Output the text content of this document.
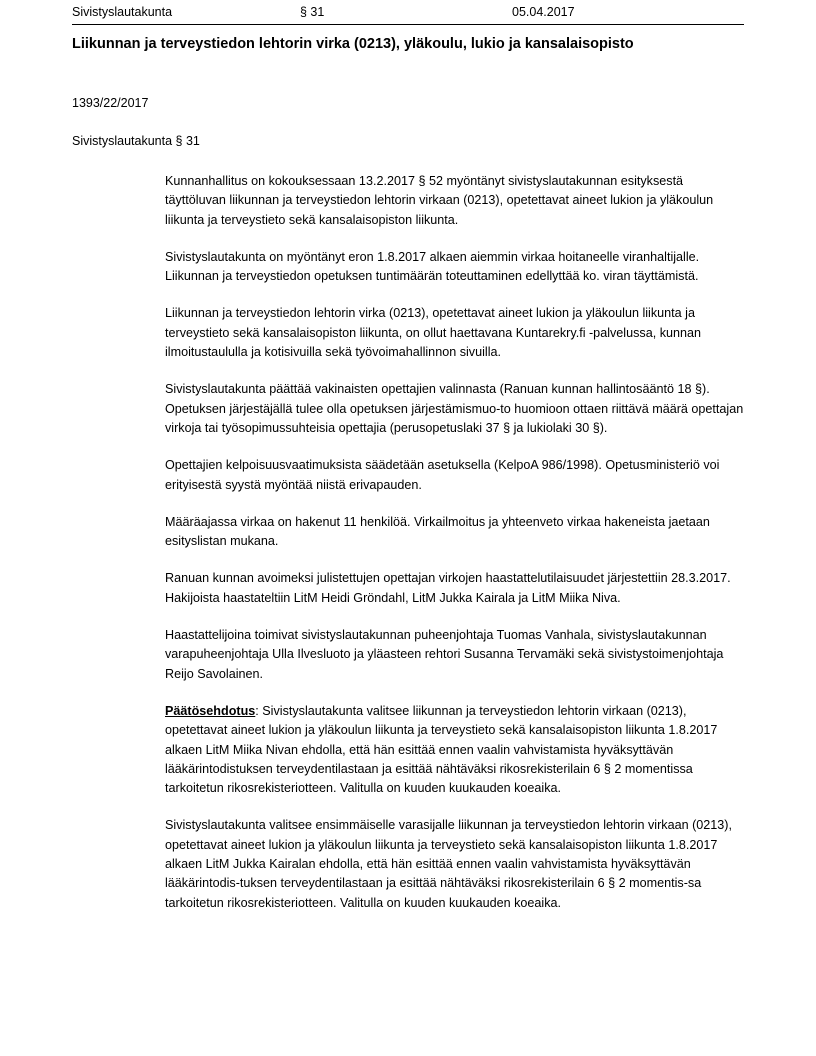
Sivistyslautakunta	§ 31	05.04.2017
Liikunnan ja terveystiedon lehtorin virka (0213), yläkoulu, lukio ja kansalaisopisto
1393/22/2017
Sivistyslautakunta § 31

Kunnanhallitus on kokouksessaan 13.2.2017 § 52 myöntänyt sivistyslautakunnan esityksestä täyttöluvan liikunnan ja terveystiedon lehtorin virkaan (0213), opetettavat aineet lukion ja yläkoulun liikunta ja terveystieto sekä kansalaisopiston liikunta.

Sivistyslautakunta on myöntänyt eron 1.8.2017 alkaen aiemmin virkaa hoitaneelle viranhaltijalle. Liikunnan ja terveystiedon opetuksen tuntimäärän toteuttaminen edellyttää ko. viran täyttämistä.

Liikunnan ja terveystiedon lehtorin virka (0213), opetettavat aineet lukion ja yläkoulun liikunta ja terveystieto sekä kansalaisopiston liikunta, on ollut haettavana Kuntarekry.fi -palvelussa, kunnan ilmoitustaululla ja kotisivuilla sekä työvoimahallinnon sivuilla.

Sivistyslautakunta päättää vakinaisten opettajien valinnasta (Ranuan kunnan hallintosääntö 18 §). Opetuksen järjestäjällä tulee olla opetuksen järjestämismuo-to huomioon ottaen riittävä määrä opettajan virkoja tai työsopimussuhteisia opettajia (perusopetuslaki 37 § ja lukiolaki 30 §).

Opettajien kelpoisuusvaatimuksista säädetään asetuksella (KelpoA 986/1998). Opetusministeriö voi erityisestä syystä myöntää niistä erivapauden.

Määräajassa virkaa on hakenut 11 henkilöä. Virkailmoitus ja yhteenveto virkaa hakeneista jaetaan esityslistan mukana.

Ranuan kunnan avoimeksi julistettujen opettajan virkojen haastattelutilaisuudet järjestettiin 28.3.2017. Hakijoista haastateltiin LitM Heidi Gröndahl, LitM Jukka Kairala ja LitM Miika Niva.

Haastattelijoina toimivat sivistyslautakunnan puheenjohtaja Tuomas Vanhala, sivistyslautakunnan varapuheenjohtaja Ulla Ilvesluoto ja yläasteen rehtori Susanna Tervamäki sekä sivistystoimenjohtaja Reijo Savolainen.

Päätösehdotus: Sivistyslautakunta valitsee liikunnan ja terveystiedon lehtorin virkaan (0213), opetettavat aineet lukion ja yläkoulun liikunta ja terveystieto sekä kansalaisopiston liikunta 1.8.2017 alkaen LitM Miika Nivan ehdolla, että hän esittää ennen vaalin vahvistamista hyväksyttävän lääkärintodistuksen terveydentilastaan ja esittää nähtäväksi rikosrekisterilain 6 § 2 momentissa tarkoitetun rikosrekisteriotteen. Valitulla on kuuden kuukauden koeaika.

Sivistyslautakunta valitsee ensimmäiselle varasijalle liikunnan ja terveystiedon lehtorin virkaan (0213), opetettavat aineet lukion ja yläkoulun liikunta ja terveystieto sekä kansalaisopiston liikunta 1.8.2017 alkaen LitM Jukka Kairalan ehdolla, että hän esittää ennen vaalin vahvistamista hyväksyttävän lääkärintodis-tuksen terveydentilastaan ja esittää nähtäväksi rikosrekisterilain 6 § 2 momentis-sa tarkoitetun rikosrekisteriotteen. Valitulla on kuuden kuukauden koeaika.
